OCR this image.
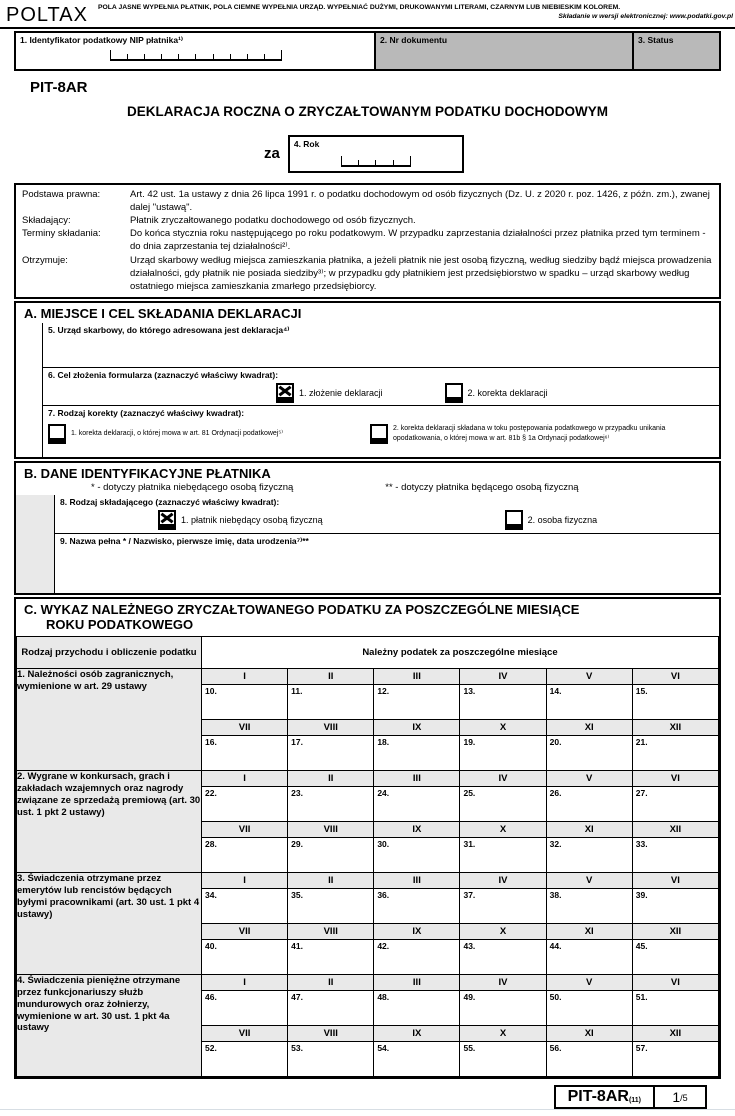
POLTAX POLA JASNE WYPEŁNIA PŁATNIK, POLA CIEMNE WYPEŁNIA URZĄD. WYPEŁNIAĆ DUŻYMI, DRUKOWANYMI LITERAMI, CZARNYM LUB NIEBIESKIM KOLOREM.
Składanie w wersji elektronicznej: www.podatki.gov.pl
1. Identyfikator podatkowy NIP płatnika¹⁾	2. Nr dokumentu	3. Status
PIT-8AR
DEKLARACJA ROCZNA O ZRYCZAŁTOWANYM PODATKU DOCHODOWYM
za
4. Rok
Podstawa prawna:	Art. 42 ust. 1a ustawy z dnia 26 lipca 1991 r. o podatku dochodowym od osób fizycznych (Dz. U. z 2020 r. poz. 1426, z późn. zm.), zwanej dalej "ustawą".
Składający:	Płatnik zryczałtowanego podatku dochodowego od osób fizycznych.
Terminy składania:	Do końca stycznia roku następującego po roku podatkowym. W przypadku zaprzestania działalności przez płatnika przed tym terminem - do dnia zaprzestania tej działalności²⁾.
Otrzymuje:	Urząd skarbowy według miejsca zamieszkania płatnika, a jeżeli płatnik nie jest osobą fizyczną, według siedziby bądź miejsca prowadzenia działalności, gdy płatnik nie posiada siedziby³⁾; w przypadku gdy płatnikiem jest przedsiębiorstwo w spadku – urząd skarbowy według ostatniego miejsca zamieszkania zmarłego przedsiębiorcy.
A. MIEJSCE I CEL SKŁADANIA DEKLARACJI
5. Urząd skarbowy, do którego adresowana jest deklaracja⁴⁾
6. Cel złożenia formularza (zaznaczyć właściwy kwadrat):
1. złożenie deklaracji	2. korekta deklaracji
7. Rodzaj korekty (zaznaczyć właściwy kwadrat):
1. korekta deklaracji, o której mowa w art. 81 Ordynacji podatkowej⁵⁾
2. korekta deklaracji składana w toku postępowania podatkowego w przypadku unikania opodatkowania, o której mowa w art. 81b § 1a Ordynacji podatkowej⁶⁾
B. DANE IDENTYFIKACYJNE PŁATNIKA
* - dotyczy płatnika niebędącego osobą fizyczną	** - dotyczy płatnika będącego osobą fizyczną
8. Rodzaj składającego (zaznaczyć właściwy kwadrat):
1. płatnik niebędący osobą fizyczną	2. osoba fizyczna
9. Nazwa pełna * / Nazwisko, pierwsze imię, data urodzenia⁷⁾**
C. WYKAZ NALEŻNEGO ZRYCZAŁTOWANEGO PODATKU ZA POSZCZEGÓLNE MIESIĄCE
ROKU PODATKOWEGO
Rodzaj przychodu i obliczenie podatku	Należny podatek za poszczególne miesiące					
1. Należności osób zagranicznych, wymienione w art. 29 ustawy	I	II	III	IV	V	VI

	10.	11.	12.	13.	14.	15.

	VII	VIII	IX	X	XI	XII

	16.	17.	18.	19.	20.	21.

2. Wygrane w konkursach, grach i zakładach wzajemnych oraz nagrody związane ze sprzedażą premiową (art. 30 ust. 1 pkt 2 ustawy)	I	II	III	IV	V	VI

	22.	23.	24.	25.	26.	27.

	VII	VIII	IX	X	XI	XII

	28.	29.	30.	31.	32.	33.

3. Świadczenia otrzymane przez emerytów lub rencistów będących byłymi pracownikami (art. 30 ust. 1 pkt 4 ustawy)	I	II	III	IV	V	VI

	34.	35.	36.	37.	38.	39.

	VII	VIII	IX	X	XI	XII

	40.	41.	42.	43.	44.	45.

4. Świadczenia pieniężne otrzymane przez funkcjonariuszy służb mundurowych oraz żołnierzy, wymienione w art. 30 ust. 1 pkt 4a ustawy	I	II	III	IV	V	VI

	46.	47.	48.	49.	50.	51.

	VII	VIII	IX	X	XI	XII

	52.	53.	54.	55.	56.	57.
PIT-8AR (11) 1 /5
